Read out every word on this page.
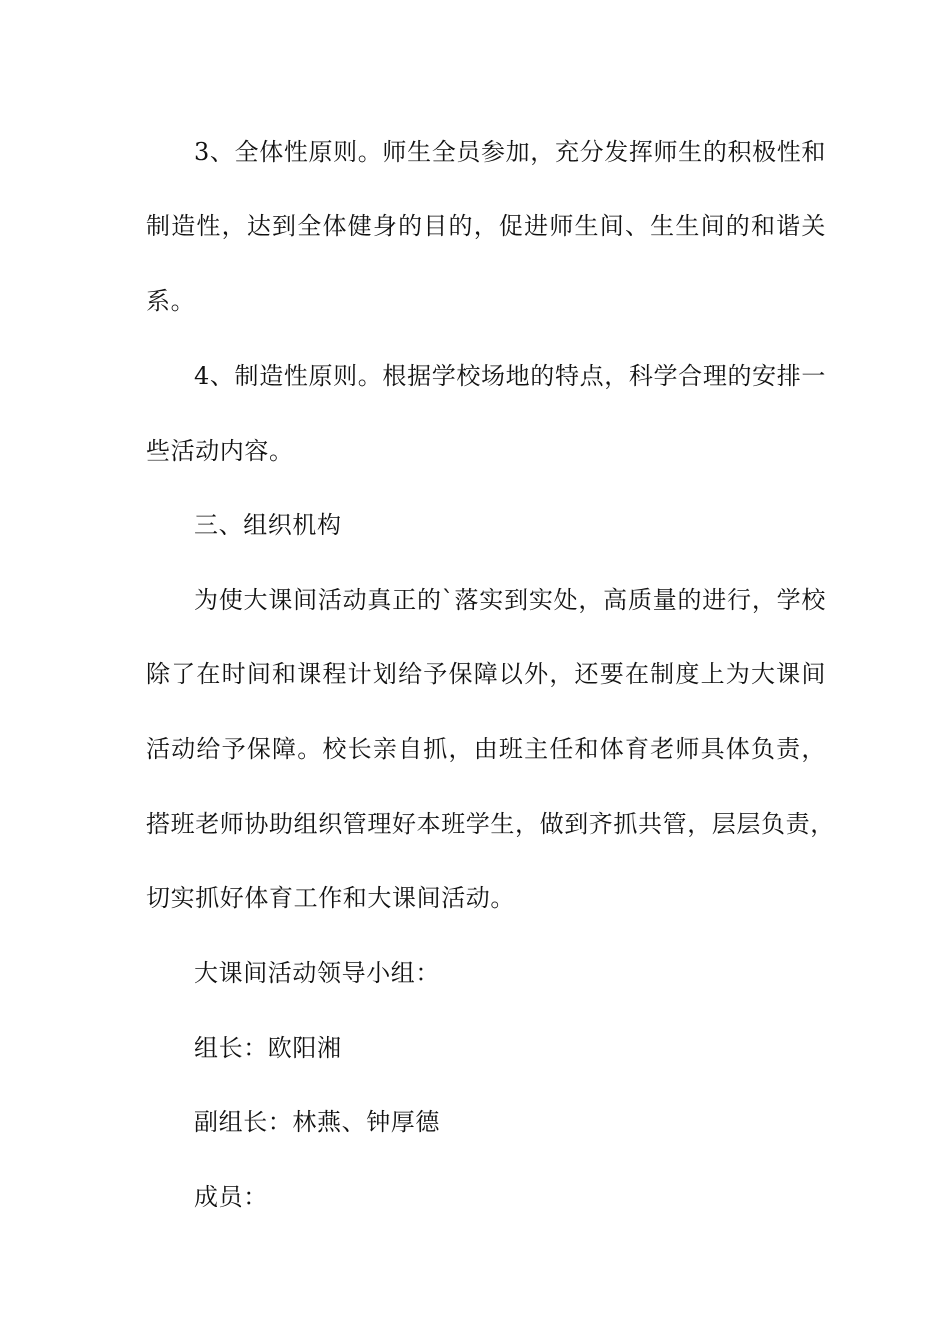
3、全体性原则。师生全员参加，充分发挥师生的积极性和
制造性，达到全体健身的目的，促进师生间、生生间的和谐关
系。
4、制造性原则。根据学校场地的特点，科学合理的安排一
些活动内容。
三、组织机构
为使大课间活动真正的`落实到实处，高质量的进行，学校
除了在时间和课程计划给予保障以外，还要在制度上为大课间
活动给予保障。校长亲自抓，由班主任和体育老师具体负责，
搭班老师协助组织管理好本班学生，做到齐抓共管，层层负责，
切实抓好体育工作和大课间活动。
大课间活动领导小组：
组长：欧阳湘
副组长：林燕、钟厚德
成员：
